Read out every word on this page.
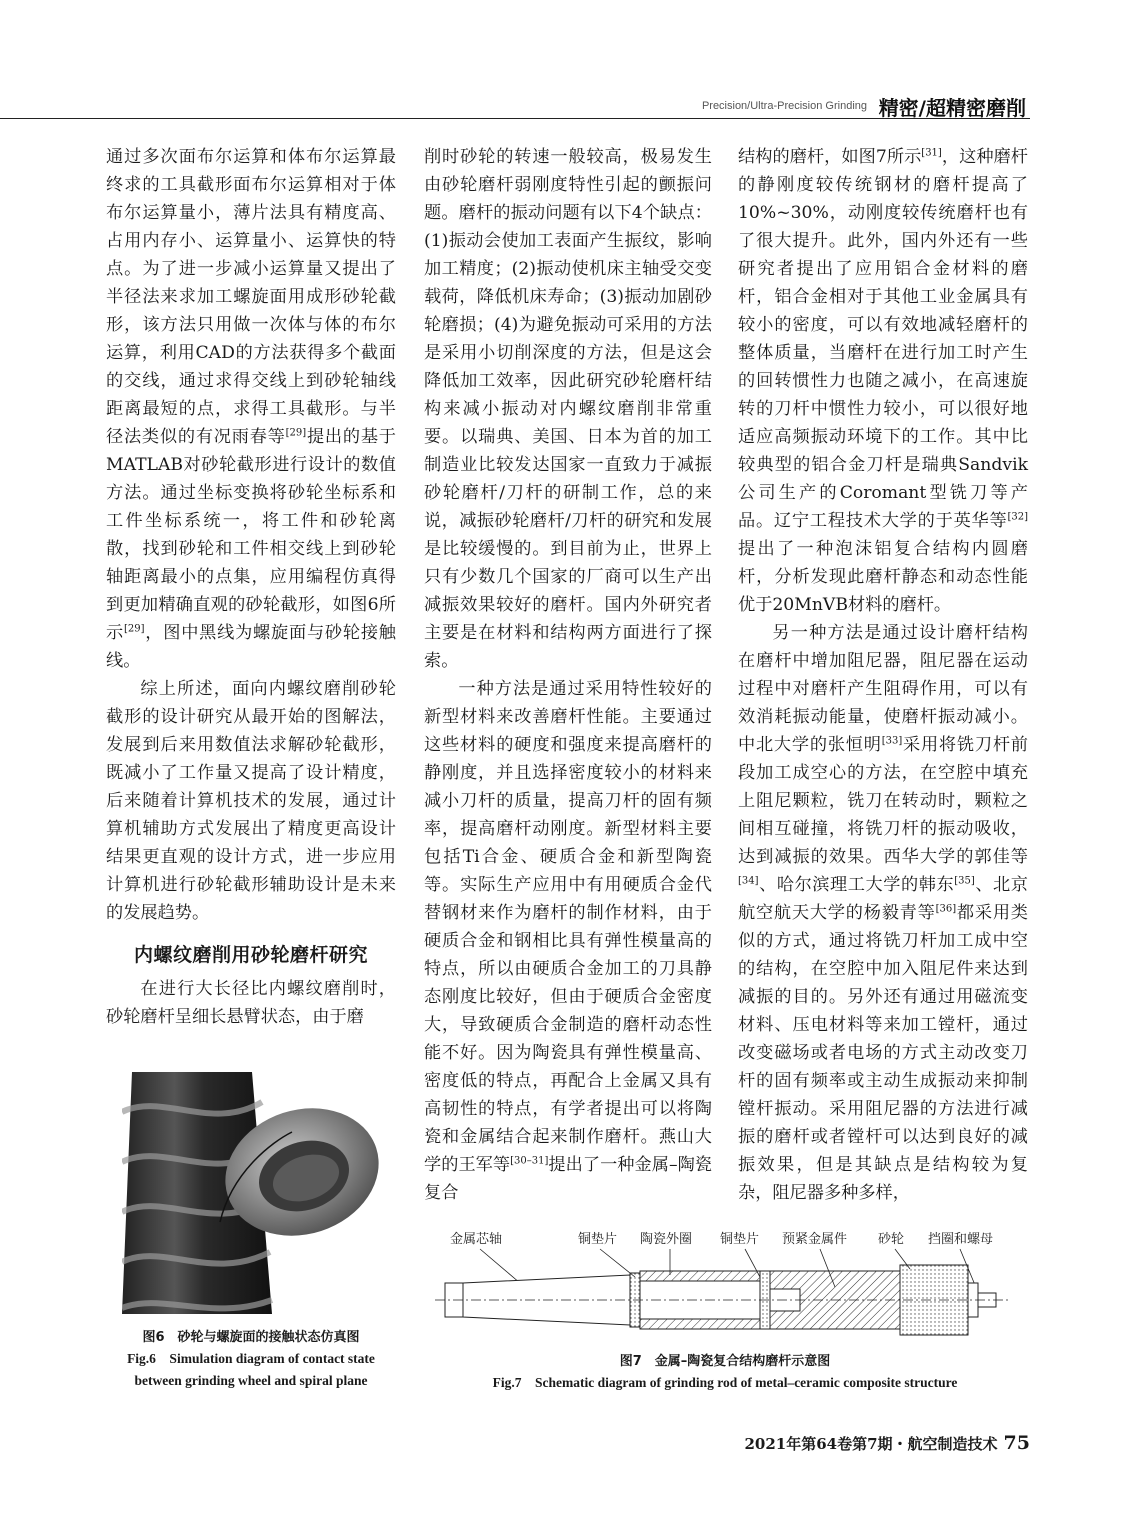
Precision/Ultra-Precision Grinding 精密/超精密磨削

通过多次面布尔运算和体布尔运算最终求的工具截形面布尔运算相对于体布尔运算量小，薄片法具有精度高、占用内存小、运算量小、运算快的特点。为了进一步减小运算量又提出了半径法来求加工螺旋面用成形砂轮截形，该方法只用做一次体与体的布尔运算，利用CAD的方法获得多个截面的交线，通过求得交线上到砂轮轴线距离最短的点，求得工具截形。与半径法类似的有况雨春等[29]提出的基于MATLAB对砂轮截形进行设计的数值方法。通过坐标变换将砂轮坐标系和工件坐标系统一，将工件和砂轮离散，找到砂轮和工件相交线上到砂轮轴距离最小的点集，应用编程仿真得到更加精确直观的砂轮截形，如图6所示[29]，图中黑线为螺旋面与砂轮接触线。

综上所述，面向内螺纹磨削砂轮截形的设计研究从最开始的图解法，发展到后来用数值法求解砂轮截形，既减小了工作量又提高了设计精度，后来随着计算机技术的发展，通过计算机辅助方式发展出了精度更高设计结果更直观的设计方式，进一步应用计算机进行砂轮截形辅助设计是未来的发展趋势。

内螺纹磨削用砂轮磨杆研究

在进行大长径比内螺纹磨削时，砂轮磨杆呈细长悬臂状态，由于磨

图6　砂轮与螺旋面的接触状态仿真图
Fig.6　Simulation diagram of contact state
between grinding wheel and spiral plane

削时砂轮的转速一般较高，极易发生由砂轮磨杆弱刚度特性引起的颤振问题。磨杆的振动问题有以下4个缺点：(1)振动会使加工表面产生振纹，影响加工精度；(2)振动使机床主轴受交变载荷，降低机床寿命；(3)振动加剧砂轮磨损；(4)为避免振动可采用的方法是采用小切削深度的方法，但是这会降低加工效率，因此研究砂轮磨杆结构来减小振动对内螺纹磨削非常重要。以瑞典、美国、日本为首的加工制造业比较发达国家一直致力于减振砂轮磨杆/刀杆的研制工作，总的来说，减振砂轮磨杆/刀杆的研究和发展是比较缓慢的。到目前为止，世界上只有少数几个国家的厂商可以生产出减振效果较好的磨杆。国内外研究者主要是在材料和结构两方面进行了探索。

一种方法是通过采用特性较好的新型材料来改善磨杆性能。主要通过这些材料的硬度和强度来提高磨杆的静刚度，并且选择密度较小的材料来减小刀杆的质量，提高刀杆的固有频率，提高磨杆动刚度。新型材料主要包括Ti合金、硬质合金和新型陶瓷等。实际生产应用中有用硬质合金代替钢材来作为磨杆的制作材料，由于硬质合金和钢相比具有弹性模量高的特点，所以由硬质合金加工的刀具静态刚度比较好，但由于硬质合金密度大，导致硬质合金制造的磨杆动态性能不好。因为陶瓷具有弹性模量高、密度低的特点，再配合上金属又具有高韧性的特点，有学者提出可以将陶瓷和金属结合起来制作磨杆。燕山大学的王军等[30–31]提出了一种金属–陶瓷复合

结构的磨杆，如图7所示[31]，这种磨杆的静刚度较传统钢材的磨杆提高了10%~30%，动刚度较传统磨杆也有了很大提升。此外，国内外还有一些研究者提出了应用铝合金材料的磨杆，铝合金相对于其他工业金属具有较小的密度，可以有效地减轻磨杆的整体质量，当磨杆在进行加工时产生的回转惯性力也随之减小，在高速旋转的刀杆中惯性力较小，可以很好地适应高频振动环境下的工作。其中比较典型的铝合金刀杆是瑞典Sandvik公司生产的Coromant型铣刀等产品。辽宁工程技术大学的于英华等[32]提出了一种泡沫铝复合结构内圆磨杆，分析发现此磨杆静态和动态性能优于20MnVB材料的磨杆。

另一种方法是通过设计磨杆结构在磨杆中增加阻尼器，阻尼器在运动过程中对磨杆产生阻碍作用，可以有效消耗振动能量，使磨杆振动减小。中北大学的张恒明[33]采用将铣刀杆前段加工成空心的方法，在空腔中填充上阻尼颗粒，铣刀在转动时，颗粒之间相互碰撞，将铣刀杆的振动吸收，达到减振的效果。西华大学的郭佳等[34]、哈尔滨理工大学的韩东[35]、北京航空航天大学的杨毅青等[36]都采用类似的方式，通过将铣刀杆加工成中空的结构，在空腔中加入阻尼件来达到减振的目的。另外还有通过用磁流变材料、压电材料等来加工镗杆，通过改变磁场或者电场的方式主动改变刀杆的固有频率或主动生成振动来抑制镗杆振动。采用阻尼器的方法进行减振的磨杆或者镗杆可以达到良好的减振效果，但是其缺点是结构较为复杂，阻尼器多种多样，

金属芯轴	铜垫片 陶瓷外圈 铜垫片 预紧金属件 砂轮 挡圈和螺母
图7　金属–陶瓷复合结构磨杆示意图
Fig.7　Schematic diagram of grinding rod of metal–ceramic composite structure
2021年第64卷第7期・航空制造技术 75
